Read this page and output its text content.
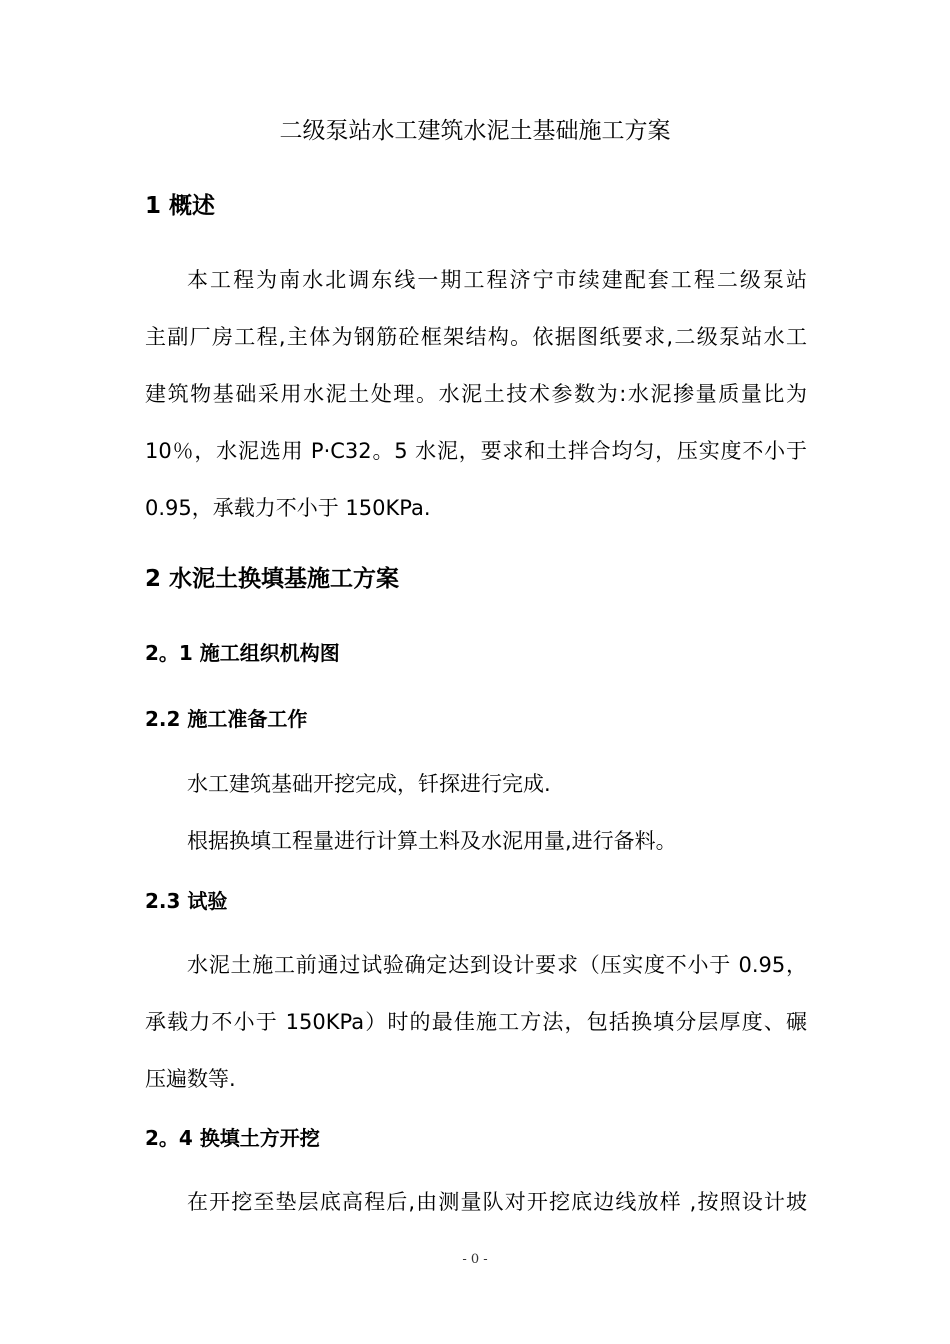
二级泵站水工建筑水泥土基础施工方案

1 概述

本工程为南水北调东线一期工程济宁市续建配套工程二级泵站

主副厂房工程,主体为钢筋砼框架结构。依据图纸要求,二级泵站水工

建筑物基础采用水泥土处理。水泥土技术参数为:水泥掺量质量比为

10％，水泥选用 P·C32。5 水泥，要求和土拌合均匀，压实度不小于

0.95，承载力不小于 150KPa.

2 水泥土换填基施工方案

2。1 施工组织机构图

2.2 施工准备工作

水工建筑基础开挖完成，钎探进行完成.

根据换填工程量进行计算土料及水泥用量,进行备料。

2.3 试验

水泥土施工前通过试验确定达到设计要求（压实度不小于 0.95，

承载力不小于 150KPa）时的最佳施工方法，包括换填分层厚度、碾

压遍数等.

2。4 换填土方开挖

在开挖至垫层底高程后,由测量队对开挖底边线放样 ,按照设计坡

- 0 -
